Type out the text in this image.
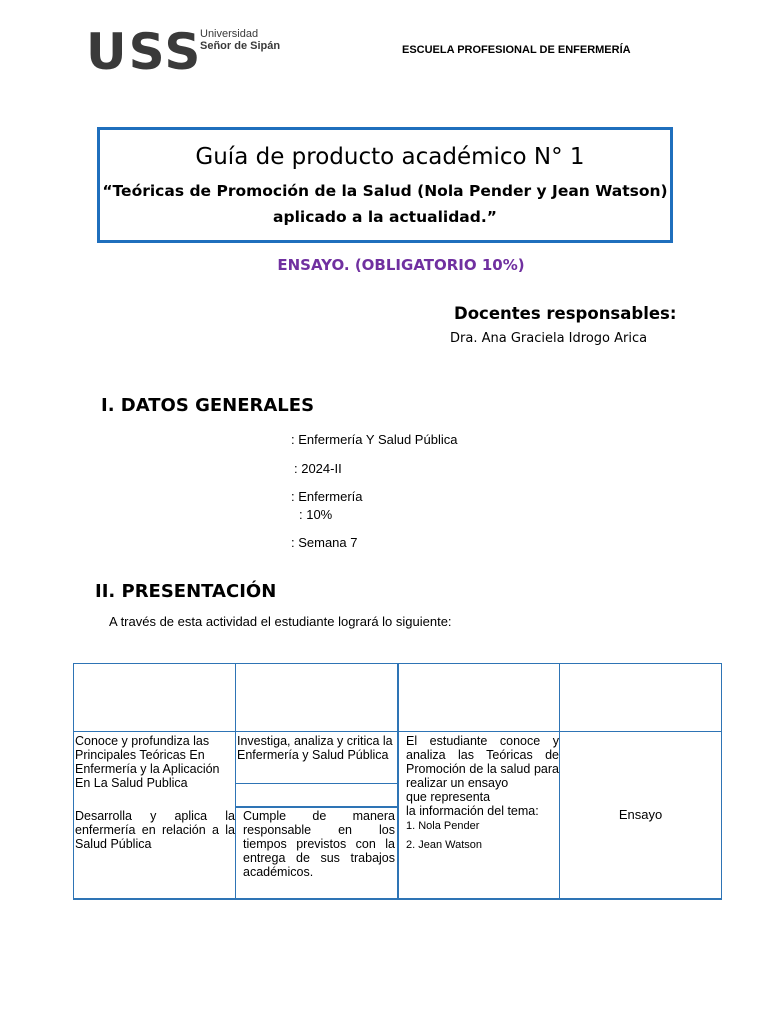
USS
Universidad
Señor de Sipán	ESCUELA PROFESIONAL DE ENFERMERÍA
Guía de producto académico N° 1
“Teóricas de Promoción de la Salud (Nola Pender y Jean Watson)
aplicado a la actualidad.”
ENSAYO. (OBLIGATORIO 10%)
Docentes responsables:
Dra. Ana Graciela Idrogo Arica
I. DATOS GENERALES
: Enfermería Y Salud Pública
: 2024-II
: Enfermería
: 10%
: Semana 7
II. PRESENTACIÓN
A través de esta actividad el estudiante logrará lo siguiente:
Conoce y profundiza las Principales Teóricas En Enfermería y la Aplicación En La Salud Publica
Desarrolla y aplica la enfermería en relación a la Salud Pública
Investiga, analiza y critica la Enfermería y Salud Pública
Cumple de manera responsable en los tiempos previstos con la entrega de sus trabajos académicos.
El estudiante conoce y analiza las Teóricas de Promoción de la salud para realizar un ensayo
que representa
la información del tema:
1. Nola Pender
2. Jean Watson
Ensayo
